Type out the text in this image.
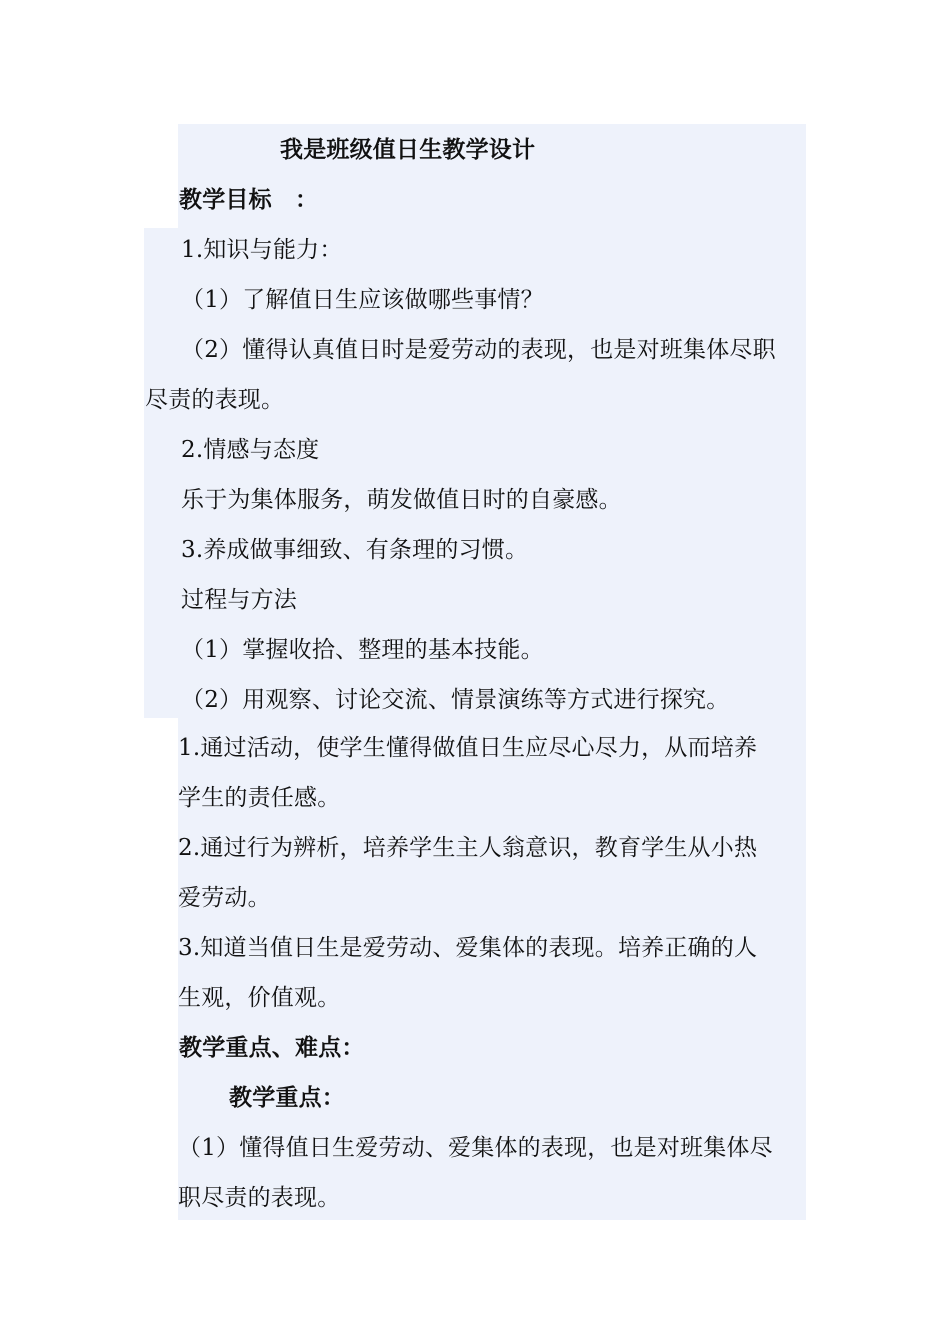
我是班级值日生教学设计
教学目标　：
1.知识与能力：
（1）了解值日生应该做哪些事情？
（2）懂得认真值日时是爱劳动的表现，也是对班集体尽职
尽责的表现。
2.情感与态度
乐于为集体服务，萌发做值日时的自豪感。
3.养成做事细致、有条理的习惯。
过程与方法
（1）掌握收拾、整理的基本技能。
（2）用观察、讨论交流、情景演练等方式进行探究。
1.通过活动，使学生懂得做值日生应尽心尽力，从而培养
学生的责任感。
2.通过行为辨析，培养学生主人翁意识，教育学生从小热
爱劳动。
3.知道当值日生是爱劳动、爱集体的表现。培养正确的人
生观，价值观。
教学重点、难点：
教学重点：
（1）懂得值日生爱劳动、爱集体的表现，也是对班集体尽
职尽责的表现。
